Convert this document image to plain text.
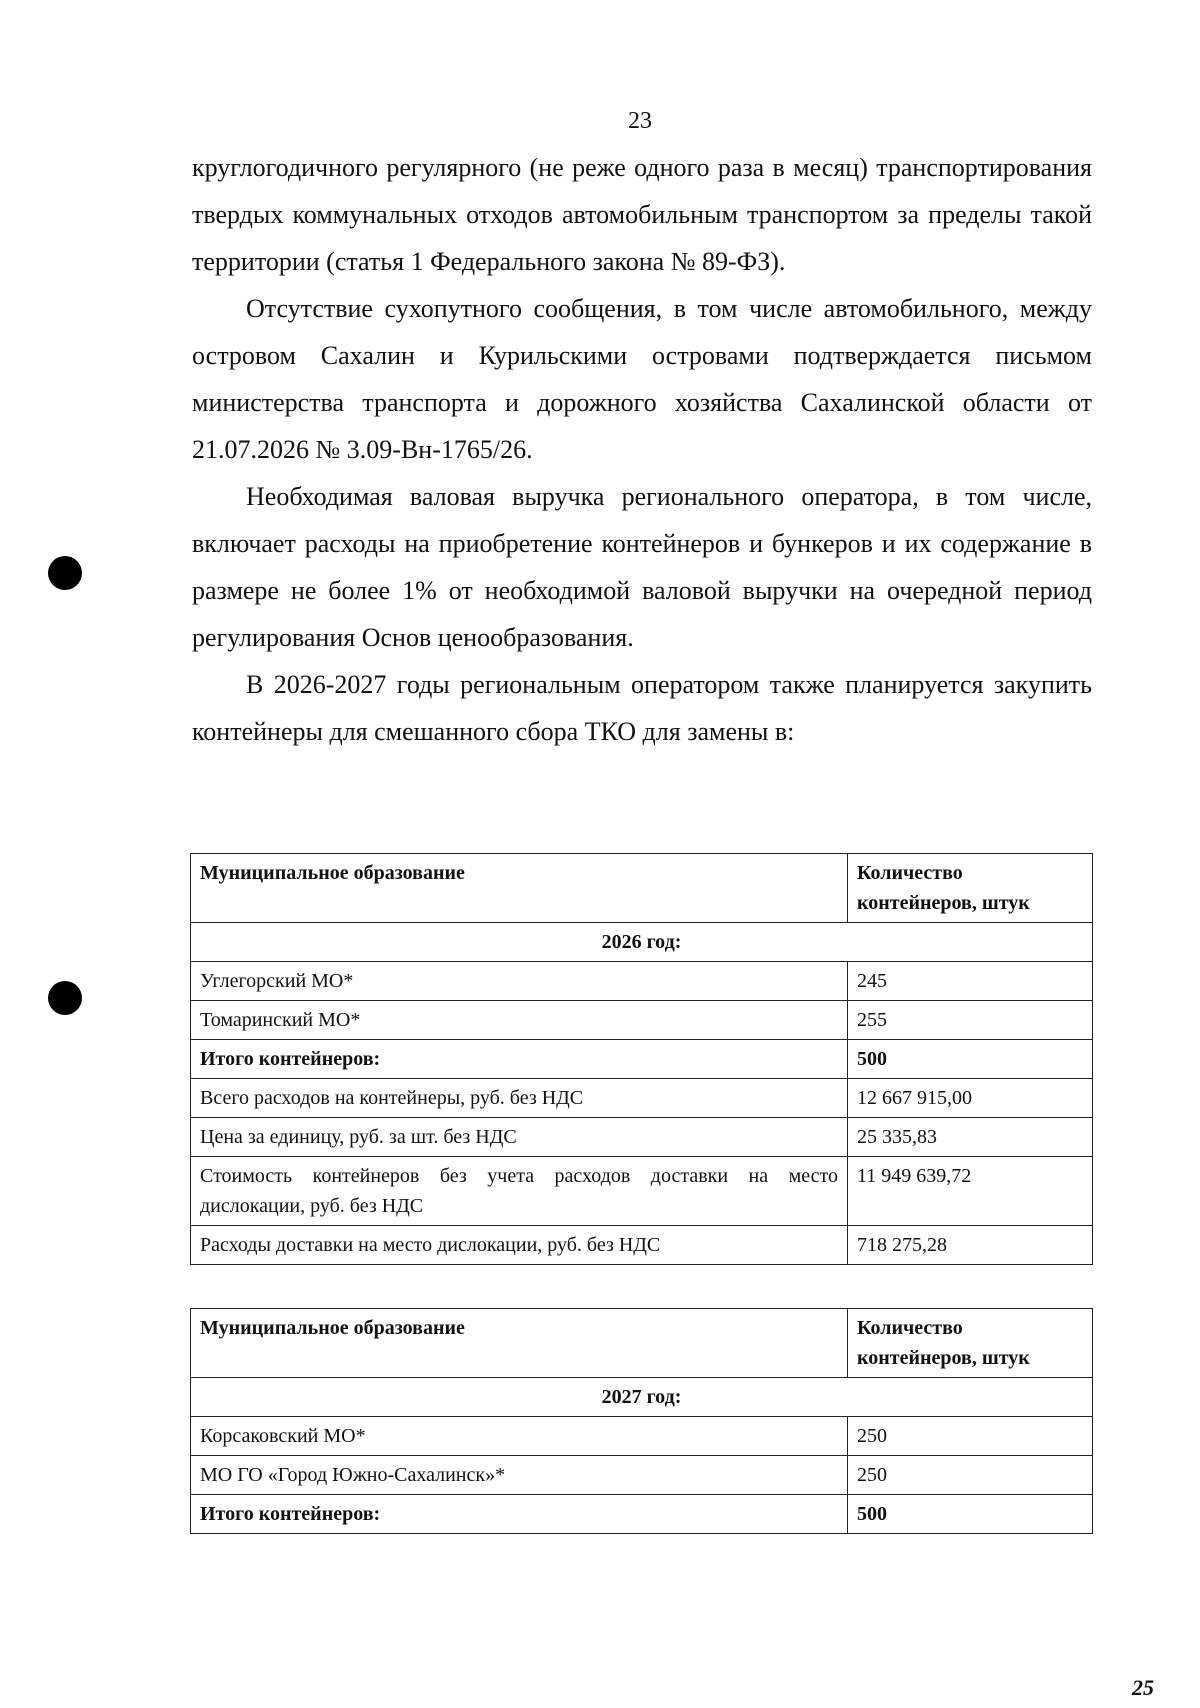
23

круглогодичного регулярного (не реже одного раза в месяц) транспортирования твердых коммунальных отходов автомобильным транспортом за пределы такой территории (статья 1 Федерального закона № 89-ФЗ).

Отсутствие сухопутного сообщения, в том числе автомобильного, между островом Сахалин и Курильскими островами подтверждается письмом министерства транспорта и дорожного хозяйства Сахалинской области от 21.07.2026 № 3.09-Вн-1765/26.

Необходимая валовая выручка регионального оператора, в том числе, включает расходы на приобретение контейнеров и бункеров и их содержание в размере не более 1% от необходимой валовой выручки на очередной период регулирования Основ ценообразования.

В 2026-2027 годы региональным оператором также планируется закупить контейнеры для смешанного сбора ТКО для замены в:

Муниципальное образование	Количество контейнеров, штук
2026 год:	
Углегорский МО*	245
Томаринский МО*	255
Итого контейнеров:	500
Всего расходов на контейнеры, руб. без НДС	12 667 915,00
Цена за единицу, руб. за шт. без НДС	25 335,83
Стоимость контейнеров без учета расходов доставки на место дислокации, руб. без НДС	11 949 639,72
Расходы доставки на место дислокации, руб. без НДС	718 275,28
Муниципальное образование	Количество контейнеров, штук
2027 год:	
Корсаковский МО*	250
МО ГО «Город Южно-Сахалинск»*	250
Итого контейнеров:	500
25
